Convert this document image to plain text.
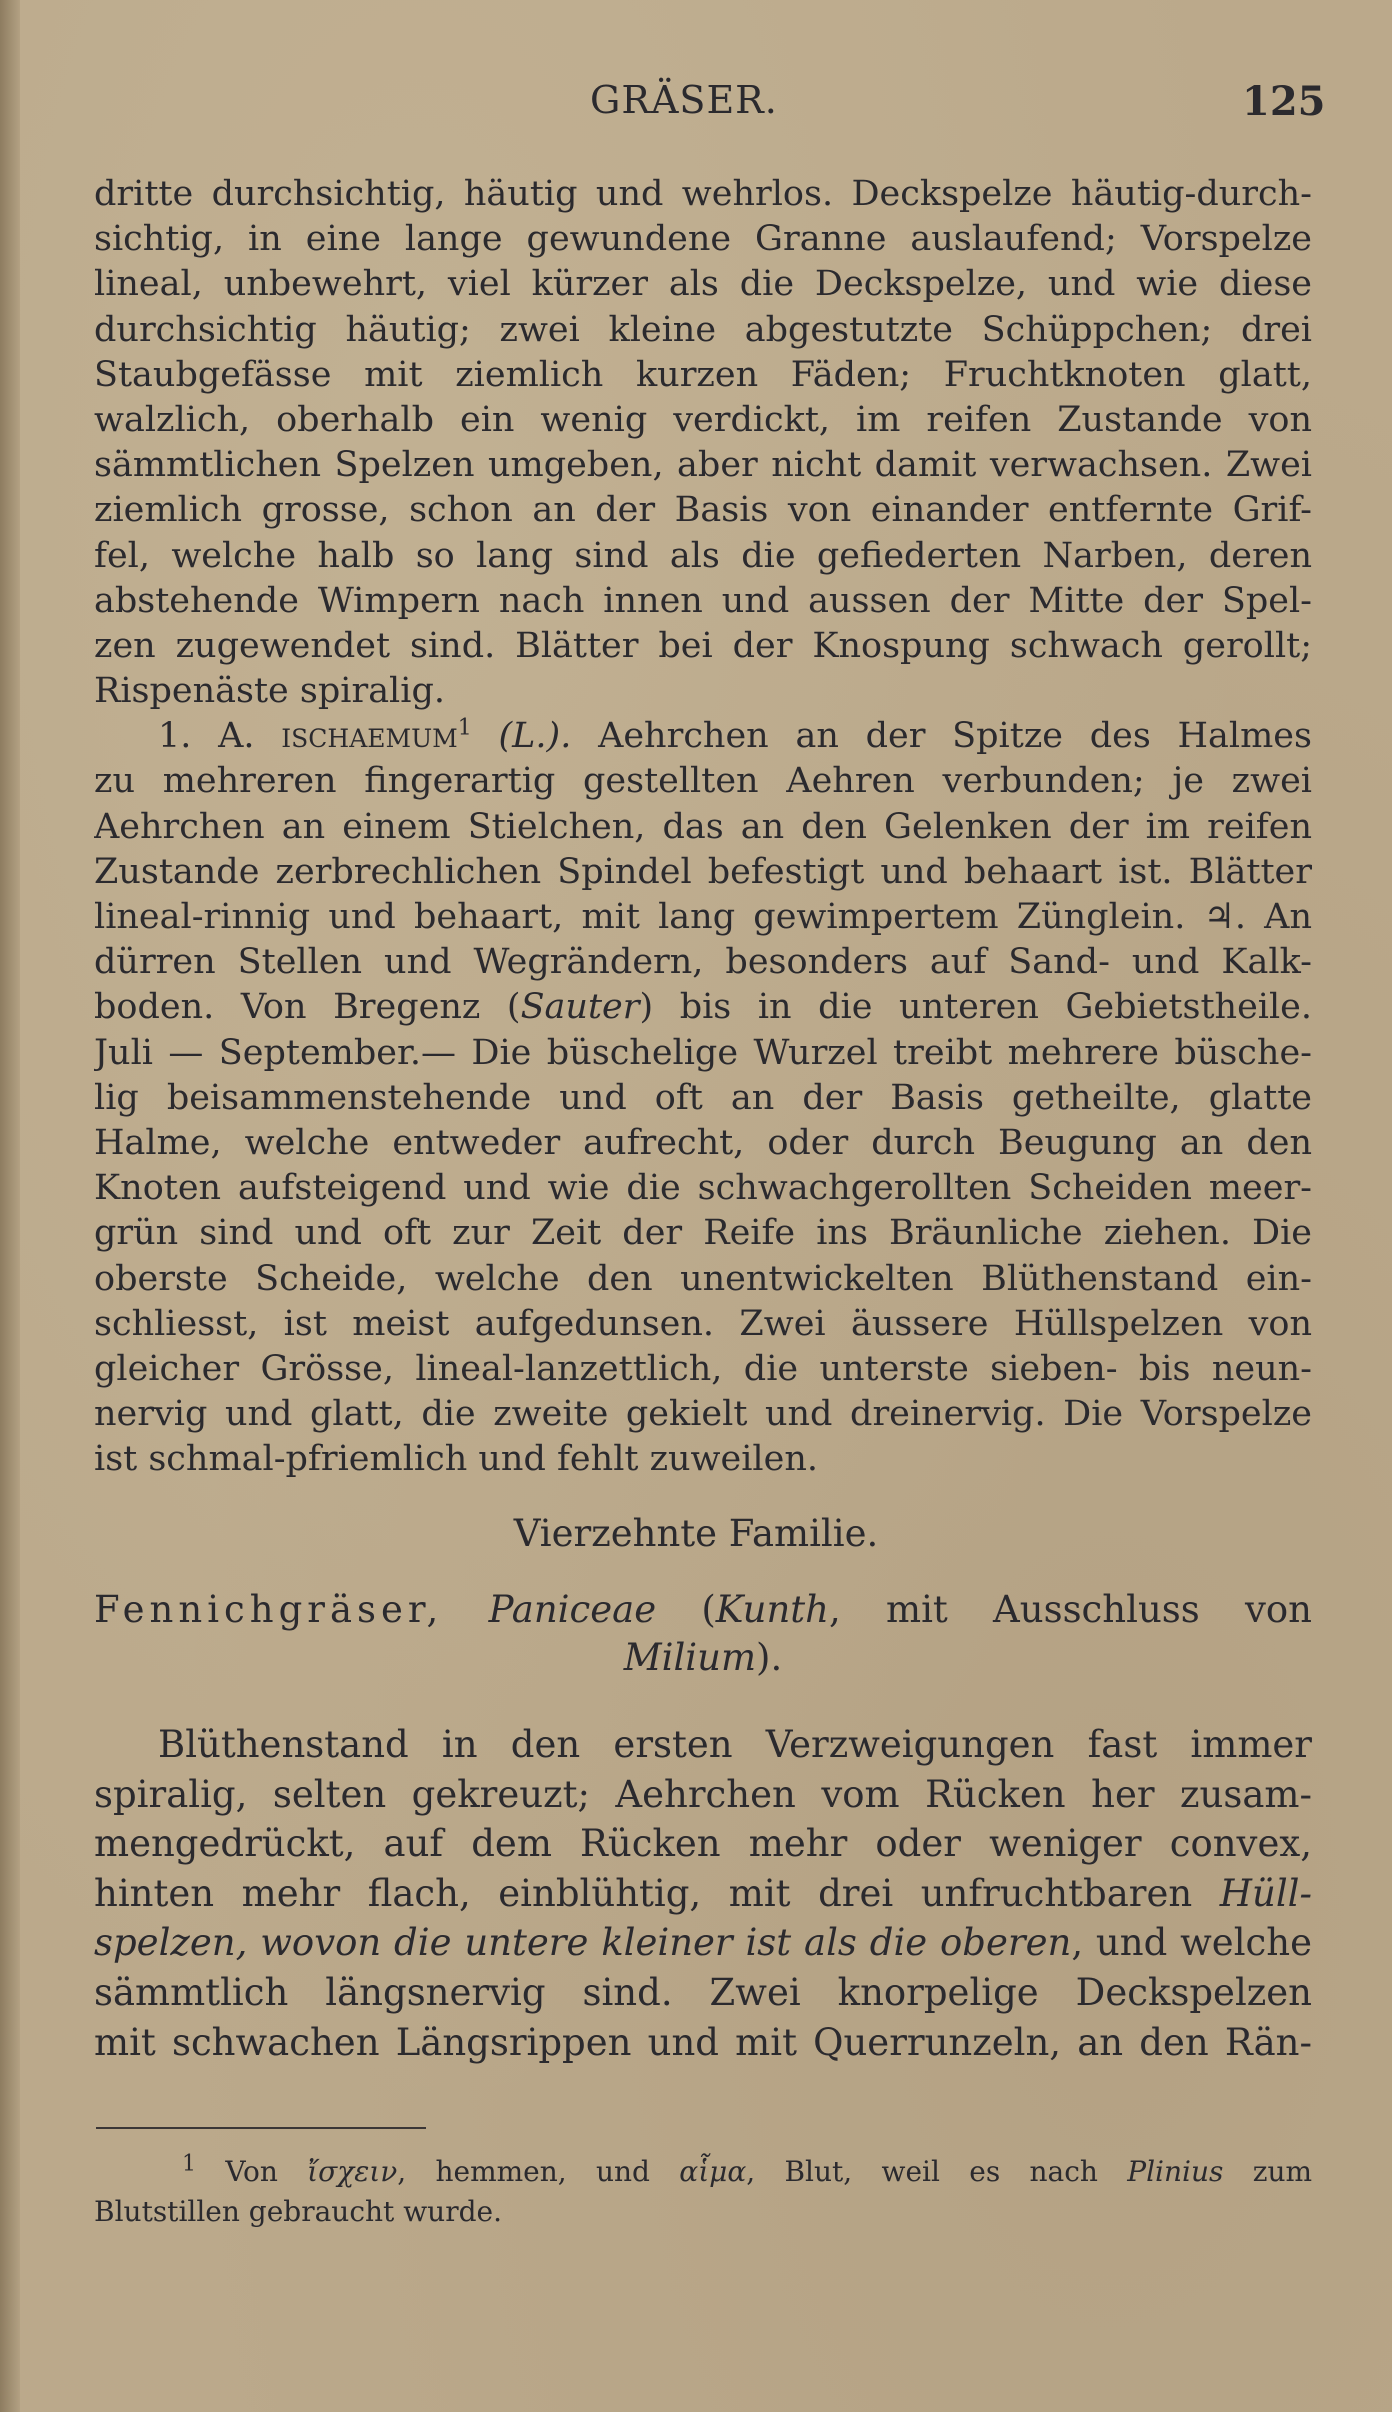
GRÄSER.	125
dritte durchsichtig, häutig und wehrlos. Deckspelze häutig-durch-
sichtig, in eine lange gewundene Granne auslaufend; Vorspelze
lineal, unbewehrt, viel kürzer als die Deckspelze, und wie diese
durchsichtig häutig; zwei kleine abgestutzte Schüppchen; drei
Staubgefässe mit ziemlich kurzen Fäden; Fruchtknoten glatt,
walzlich, oberhalb ein wenig verdickt, im reifen Zustande von
sämmtlichen Spelzen umgeben, aber nicht damit verwachsen. Zwei
ziemlich grosse, schon an der Basis von einander entfernte Grif-
fel, welche halb so lang sind als die gefiederten Narben, deren
abstehende Wimpern nach innen und aussen der Mitte der Spel-
zen zugewendet sind. Blätter bei der Knospung schwach gerollt;
Rispenäste spiralig.
1. A. ischaemum$^1$ (L.). Aehrchen an der Spitze des Halmes
zu mehreren fingerartig gestellten Aehren verbunden; je zwei
Aehrchen an einem Stielchen, das an den Gelenken der im reifen
Zustande zerbrechlichen Spindel befestigt und behaart ist. Blätter
lineal-rinnig und behaart, mit lang gewimpertem Zünglein. ♃. An
dürren Stellen und Wegrändern, besonders auf Sand- und Kalk-
boden. Von Bregenz (Sauter) bis in die unteren Gebietstheile.
Juli — September.— Die büschelige Wurzel treibt mehrere büsche-
lig beisammenstehende und oft an der Basis getheilte, glatte
Halme, welche entweder aufrecht, oder durch Beugung an den
Knoten aufsteigend und wie die schwachgerollten Scheiden meer-
grün sind und oft zur Zeit der Reife ins Bräunliche ziehen. Die
oberste Scheide, welche den unentwickelten Blüthenstand ein-
schliesst, ist meist aufgedunsen. Zwei äussere Hüllspelzen von
gleicher Grösse, lineal-lanzettlich, die unterste sieben- bis neun-
nervig und glatt, die zweite gekielt und dreinervig. Die Vorspelze
ist schmal-pfriemlich und fehlt zuweilen.
Vierzehnte Familie.
Fennichgräser, Paniceae (Kunth, mit Ausschluss von
Milium).
Blüthenstand in den ersten Verzweigungen fast immer
spiralig, selten gekreuzt; Aehrchen vom Rücken her zusam-
mengedrückt, auf dem Rücken mehr oder weniger convex,
hinten mehr flach, einblühtig, mit drei unfruchtbaren Hüll-
spelzen, wovon die untere kleiner ist als die oberen, und welche
sämmtlich längsnervig sind. Zwei knorpelige Deckspelzen
mit schwachen Längsrippen und mit Querrunzeln, an den Rän-
$^1$ Von ἴσχειν, hemmen, und αἷμα, Blut, weil es nach Plinius zum
Blutstillen gebraucht wurde.
